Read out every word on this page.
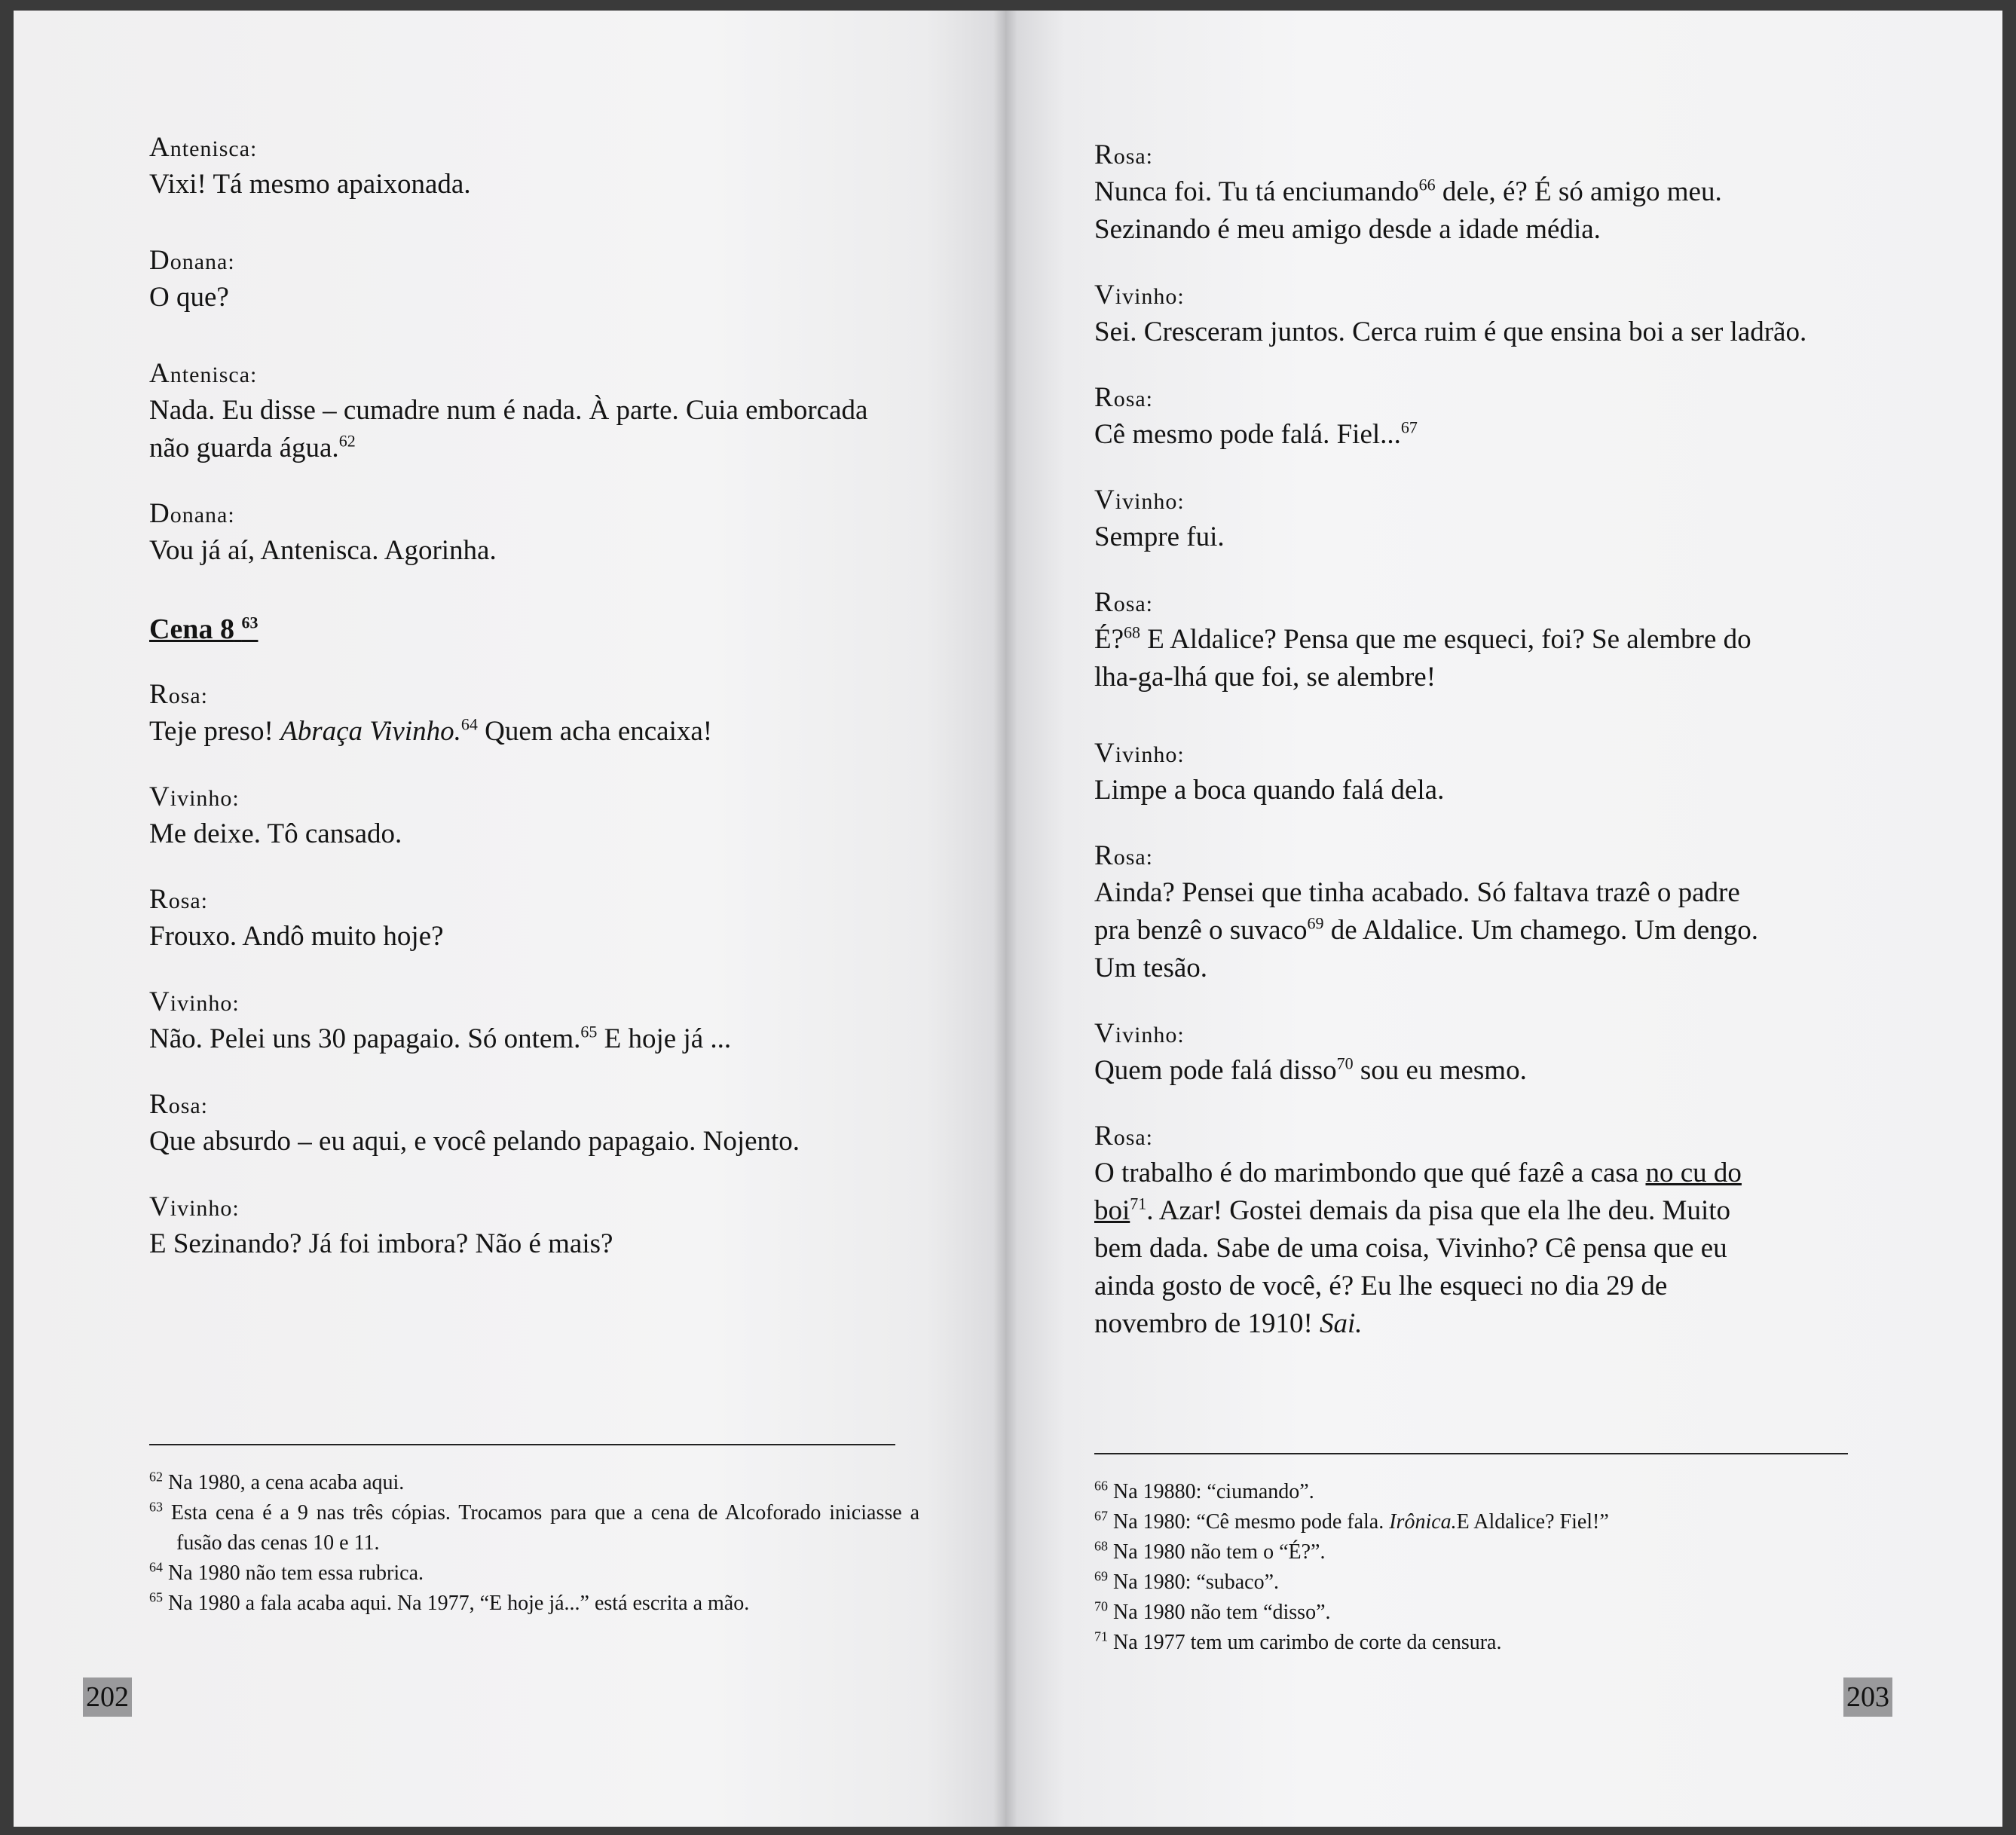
Antenisca:

Vixi! Tá mesmo apaixonada.

Donana:

O que?

Antenisca:

Nada. Eu disse – cumadre num é nada. À parte. Cuia emborcada

não guarda água.$^{62}$

Donana:

Vou já aí, Antenisca. Agorinha.

Cena 8 $^{63}$

Rosa:

Teje preso! Abraça Vivinho.$^{64}$ Quem acha encaixa!

Vivinho:

Me deixe. Tô cansado.

Rosa:

Frouxo. Andô muito hoje?

Vivinho:

Não. Pelei uns 30 papagaio. Só ontem.$^{65}$ E hoje já ...

Rosa:

Que absurdo – eu aqui, e você pelando papagaio. Nojento.

Vivinho:

E Sezinando? Já foi imbora? Não é mais?

$^{62}$ Na 1980, a cena acaba aqui.

$^{63}$ Esta cena é a 9 nas três cópias. Trocamos para que a cena de Alcoforado iniciasse a fusão das cenas 10 e 11.

$^{64}$ Na 1980 não tem essa rubrica.

$^{65}$ Na 1980 a fala acaba aqui. Na 1977, “E hoje já...” está escrita a mão.

202

Rosa:

Nunca foi. Tu tá enciumando$^{66}$ dele, é? É só amigo meu.

Sezinando é meu amigo desde a idade média.

Vivinho:

Sei. Cresceram juntos. Cerca ruim é que ensina boi a ser ladrão.

Rosa:

Cê mesmo pode falá. Fiel...$^{67}$

Vivinho:

Sempre fui.

Rosa:

É?$^{68}$ E Aldalice? Pensa que me esqueci, foi? Se alembre do

lha-ga-lhá que foi, se alembre!

Vivinho:

Limpe a boca quando falá dela.

Rosa:

Ainda? Pensei que tinha acabado. Só faltava trazê o padre

pra benzê o suvaco$^{69}$ de Aldalice. Um chamego. Um dengo.

Um tesão.

Vivinho:

Quem pode falá disso$^{70}$ sou eu mesmo.

Rosa:

O trabalho é do marimbondo que qué fazê a casa no cu do

boi$^{71}$. Azar! Gostei demais da pisa que ela lhe deu. Muito

bem dada. Sabe de uma coisa, Vivinho? Cê pensa que eu

ainda gosto de você, é? Eu lhe esqueci no dia 29 de

novembro de 1910! Sai.

$^{66}$ Na 19880: “ciumando”.

$^{67}$ Na 1980: “Cê mesmo pode fala. Irônica.E Aldalice? Fiel!”

$^{68}$ Na 1980 não tem o “É?”.

$^{69}$ Na 1980: “subaco”.

$^{70}$ Na 1980 não tem “disso”.

$^{71}$ Na 1977 tem um carimbo de corte da censura.

203
